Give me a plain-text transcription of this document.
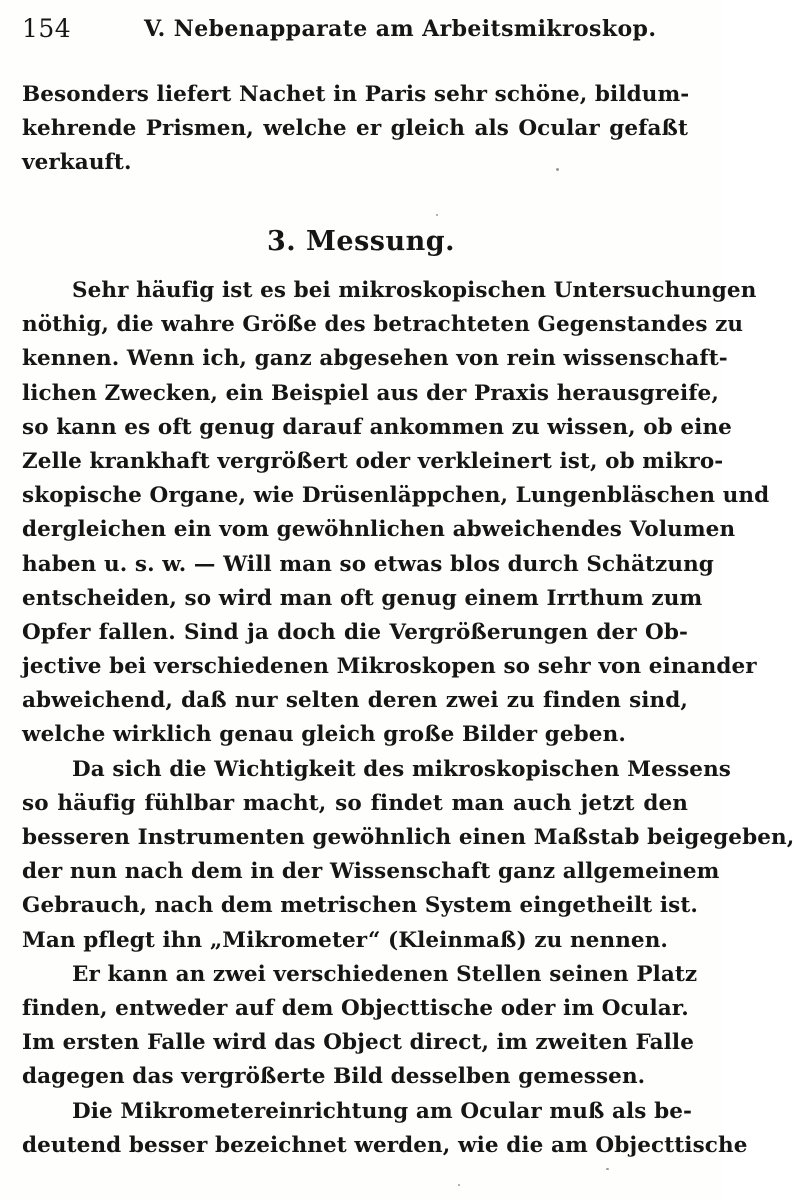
154	V. Nebenapparate am Arbeitsmikroskop.
Besonders liefert Nachet in Paris sehr schöne, bildum-
kehrende Prismen, welche er gleich als Ocular gefaßt
verkauft.
3. Messung.
Sehr häufig ist es bei mikroskopischen Untersuchungen
nöthig, die wahre Größe des betrachteten Gegenstandes zu
kennen. Wenn ich, ganz abgesehen von rein wissenschaft-
lichen Zwecken, ein Beispiel aus der Praxis herausgreife,
so kann es oft genug darauf ankommen zu wissen, ob eine
Zelle krankhaft vergrößert oder verkleinert ist, ob mikro-
skopische Organe, wie Drüsenläppchen, Lungenbläschen und
dergleichen ein vom gewöhnlichen abweichendes Volumen
haben u. s. w. — Will man so etwas blos durch Schätzung
entscheiden, so wird man oft genug einem Irrthum zum
Opfer fallen. Sind ja doch die Vergrößerungen der Ob-
jective bei verschiedenen Mikroskopen so sehr von einander
abweichend, daß nur selten deren zwei zu finden sind,
welche wirklich genau gleich große Bilder geben.
Da sich die Wichtigkeit des mikroskopischen Messens
so häufig fühlbar macht, so findet man auch jetzt den
besseren Instrumenten gewöhnlich einen Maßstab beigegeben,
der nun nach dem in der Wissenschaft ganz allgemeinem
Gebrauch, nach dem metrischen System eingetheilt ist.
Man pflegt ihn „Mikrometer“ (Kleinmaß) zu nennen.
Er kann an zwei verschiedenen Stellen seinen Platz
finden, entweder auf dem Objecttische oder im Ocular.
Im ersten Falle wird das Object direct, im zweiten Falle
dagegen das vergrößerte Bild desselben gemessen.
Die Mikrometereinrichtung am Ocular muß als be-
deutend besser bezeichnet werden, wie die am Objecttische
